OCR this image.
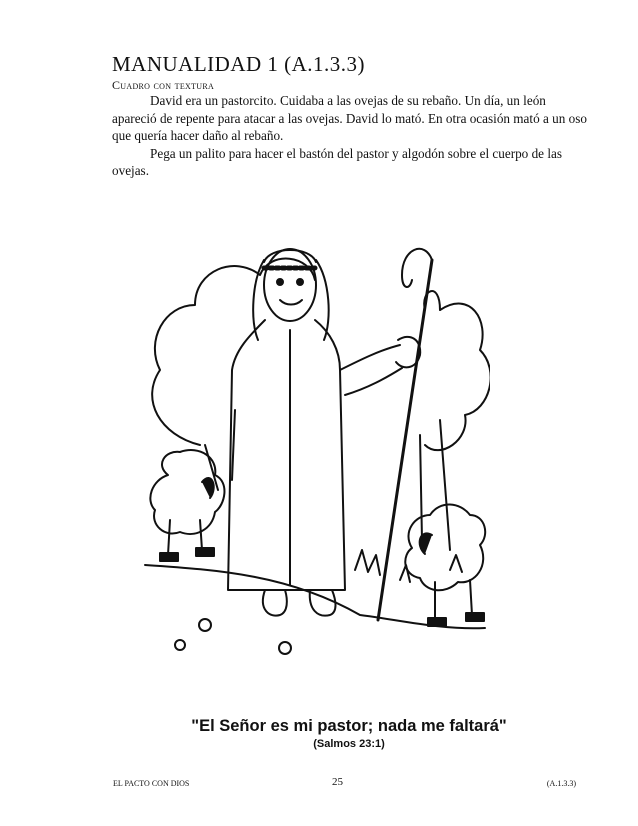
MANUALIDAD 1 (A.1.3.3)
Cuadro con textura

David era un pastorcito. Cuidaba a las ovejas de su rebaño. Un día, un león apareció de repente para atacar a las ovejas. David lo mató. En otra ocasión mató a un oso que quería hacer daño al rebaño.

Pega un palito para hacer el bastón del pastor y algodón sobre el cuerpo de las ovejas.

"El Señor es mi pastor; nada me faltará"
(Salmos 23:1)
EL PACTO CON DIOS	25	(A.1.3.3)
